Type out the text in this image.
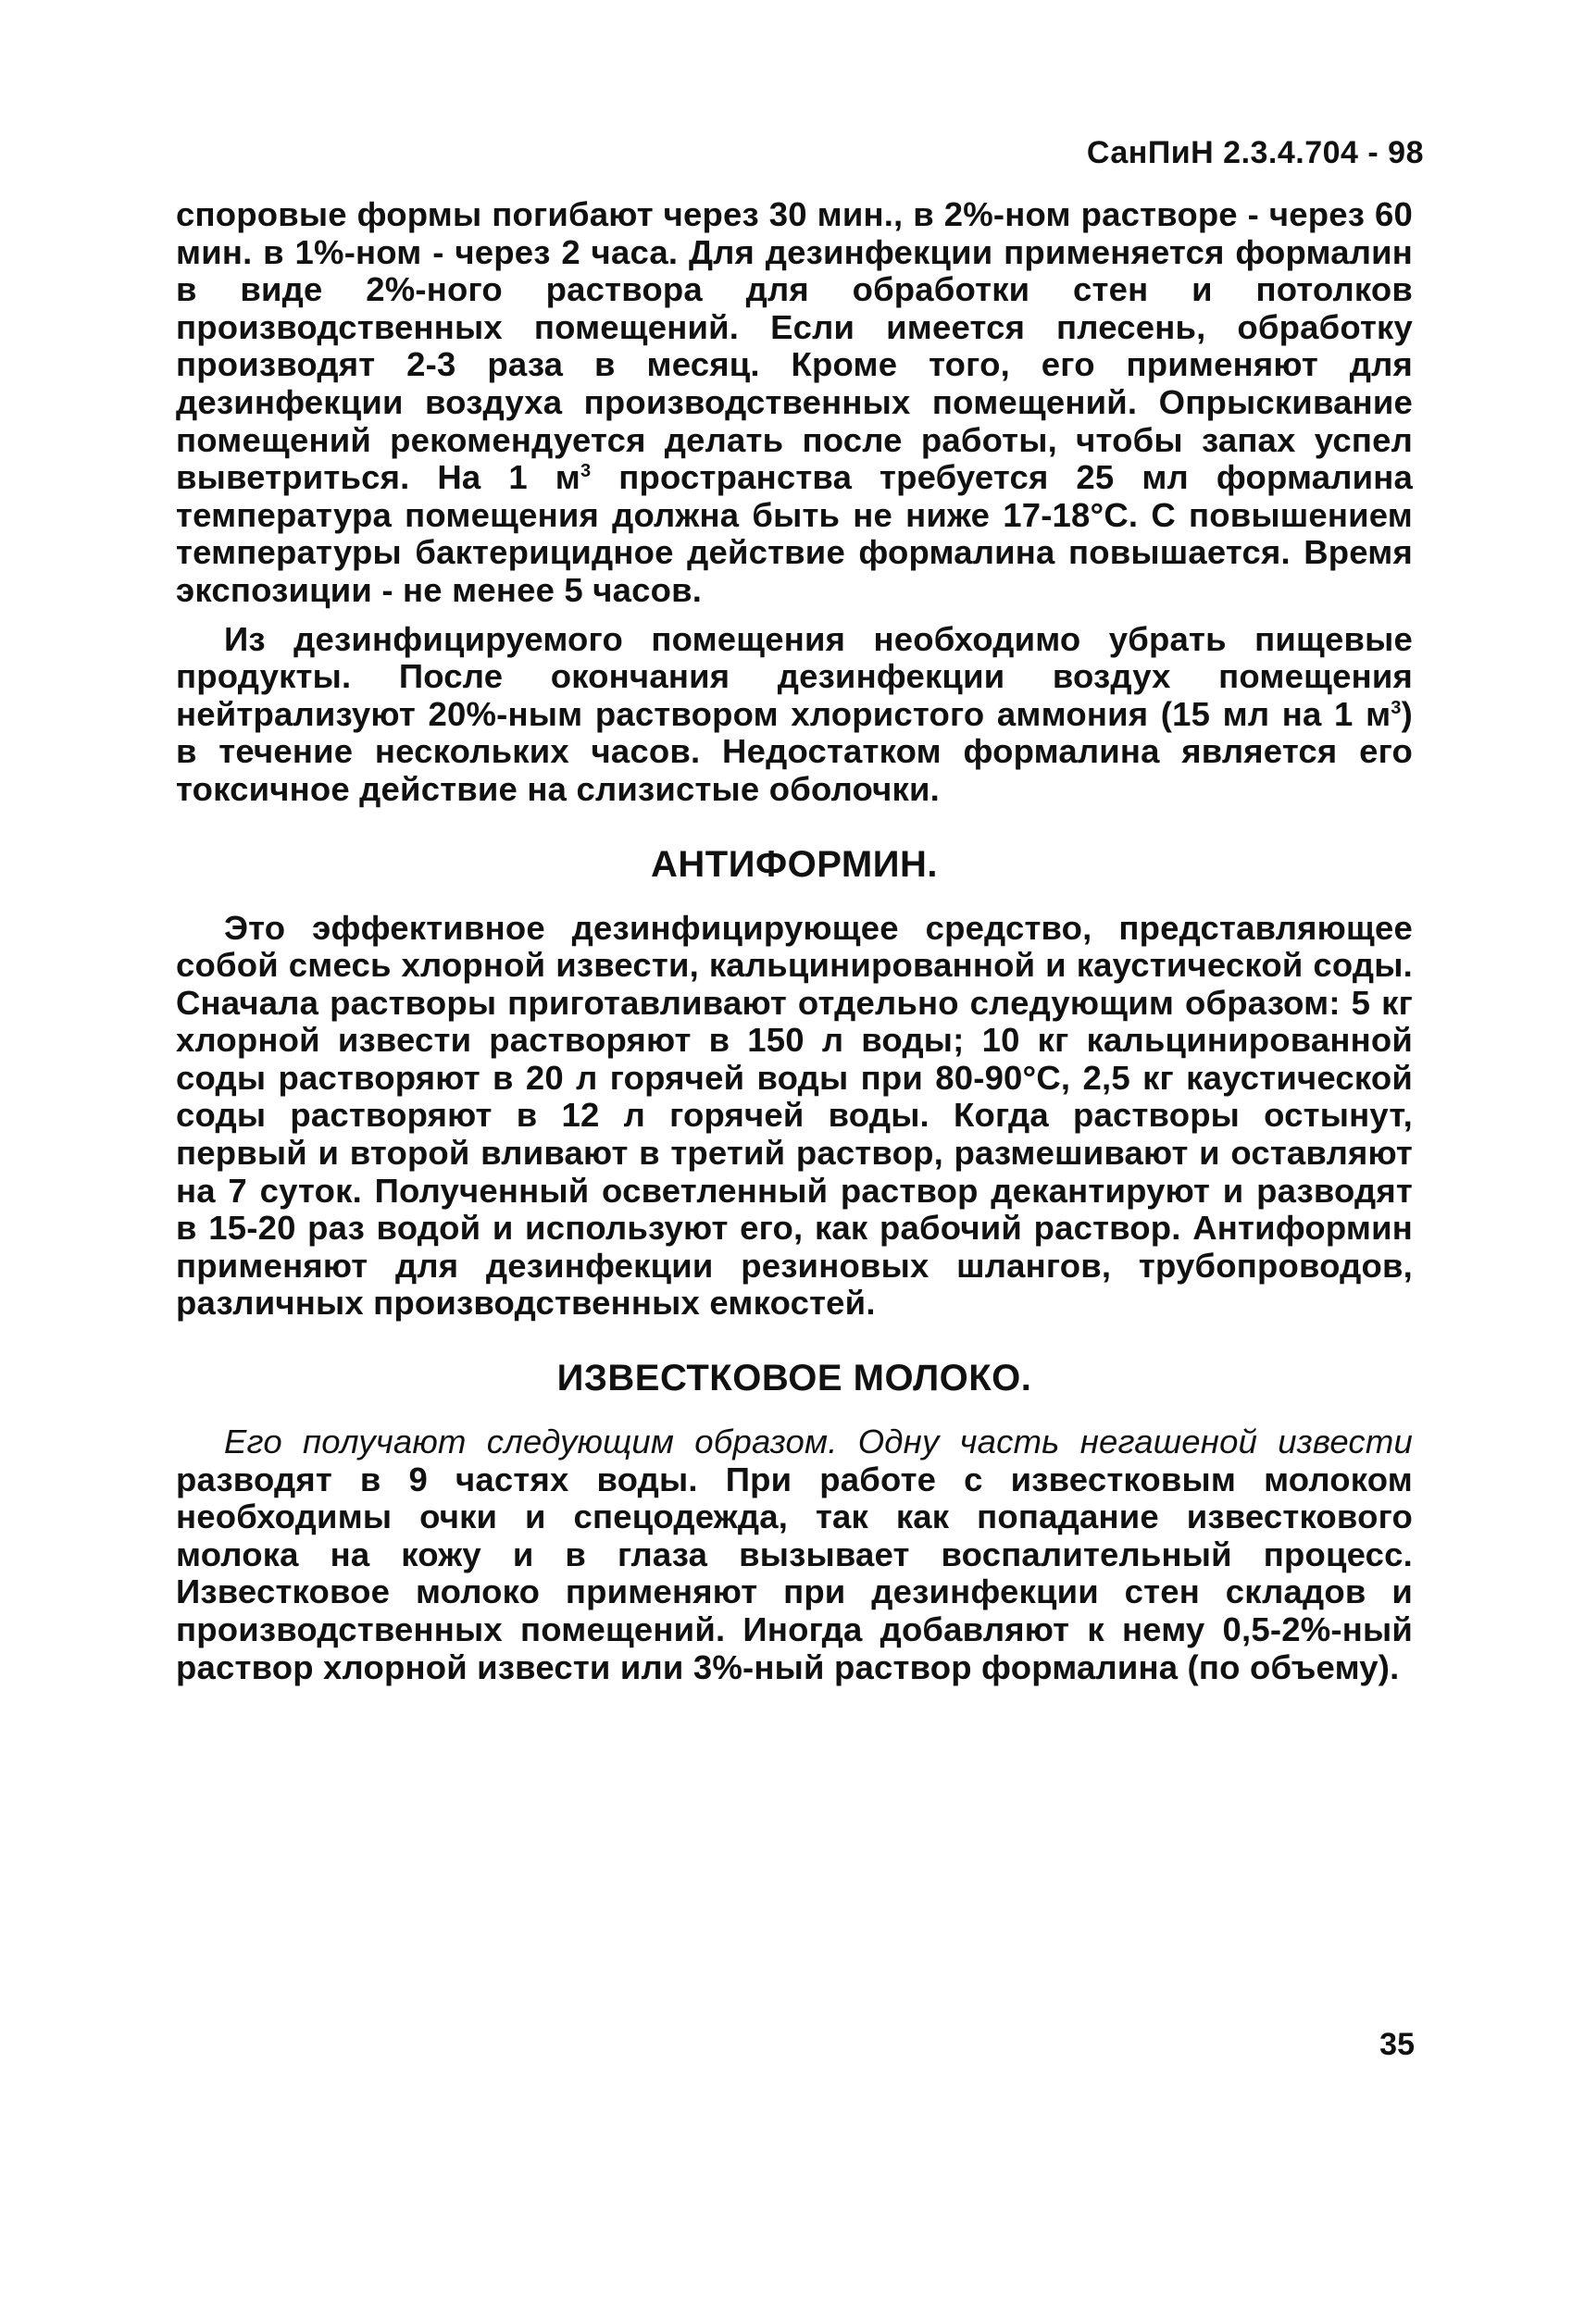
СанПиН 2.3.4.704 - 98

споровые формы погибают через 30 мин., в 2%-ном растворе - через 60 мин. в 1%-ном - через 2 часа. Для дезинфекции применяется формалин в виде 2%-ного раствора для обработки стен и потолков производственных помещений. Если имеется плесень, обработку производят 2-3 раза в месяц. Кроме того, его применяют для дезинфекции воздуха производственных помещений. Опрыскивание помещений рекомендуется делать после работы, чтобы запах успел выветриться. На 1 $м^3$ пространства требуется 25 мл формалина температура помещения должна быть не ниже 17-18°С. С повышением температуры бактерицидное действие формалина повышается. Время экспозиции - не менее 5 часов.

Из дезинфицируемого помещения необходимо убрать пищевые продукты. После окончания дезинфекции воздух помещения нейтрализуют 20%-ным раствором хлористого аммония (15 мл на 1 $м^3$) в течение нескольких часов. Недостатком формалина является его токсичное действие на слизистые оболочки.

АНТИФОРМИН.

Это эффективное дезинфицирующее средство, представляющее собой смесь хлорной извести, кальцинированной и каустической соды. Сначала растворы приготавливают отдельно следующим образом: 5 кг хлорной извести растворяют в 150 л воды; 10 кг кальцинированной соды растворяют в 20 л горячей воды при 80-90°С, 2,5 кг каустической соды растворяют в 12 л горячей воды. Когда растворы остынут, первый и второй вливают в третий раствор, размешивают и оставляют на 7 суток. Полученный осветленный раствор декантируют и разводят в 15-20 раз водой и используют его, как рабочий раствор. Антиформин применяют для дезинфекции резиновых шлангов, трубопроводов, различных производственных емкостей.

ИЗВЕСТКОВОЕ МОЛОКО.

Его получают следующим образом. Одну часть негашеной извести разводят в 9 частях воды. При работе с известковым молоком необходимы очки и спецодежда, так как попадание известкового молока на кожу и в глаза вызывает воспалительный процесс. Известковое молоко применяют при дезинфекции стен складов и производственных помещений. Иногда добавляют к нему 0,5-2%-ный раствор хлорной извести или 3%-ный раствор формалина (по объему).

35
